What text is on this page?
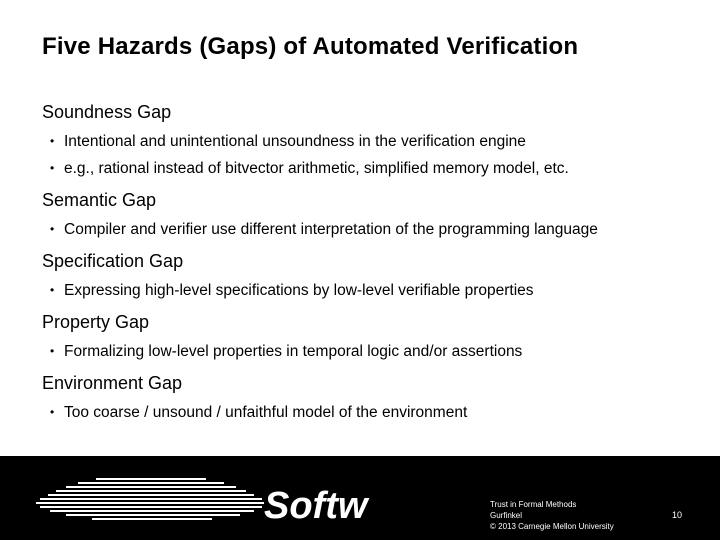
Five Hazards (Gaps) of Automated Verification

Soundness Gap

• Intentional and unintentional unsoundness in the verification engine
• e.g., rational instead of bitvector arithmetic, simplified memory model, etc.

Semantic Gap

• Compiler and verifier use different interpretation of the programming language

Specification Gap

• Expressing high-level specifications by low-level verifiable properties

Property Gap

• Formalizing low-level properties in temporal logic and/or assertions

Environment Gap

• Too coarse / unsound / unfaithful model of the environment
Softw	Trust in Formal Methods
Gurfinkel
© 2013 Carnegie Mellon University
10
